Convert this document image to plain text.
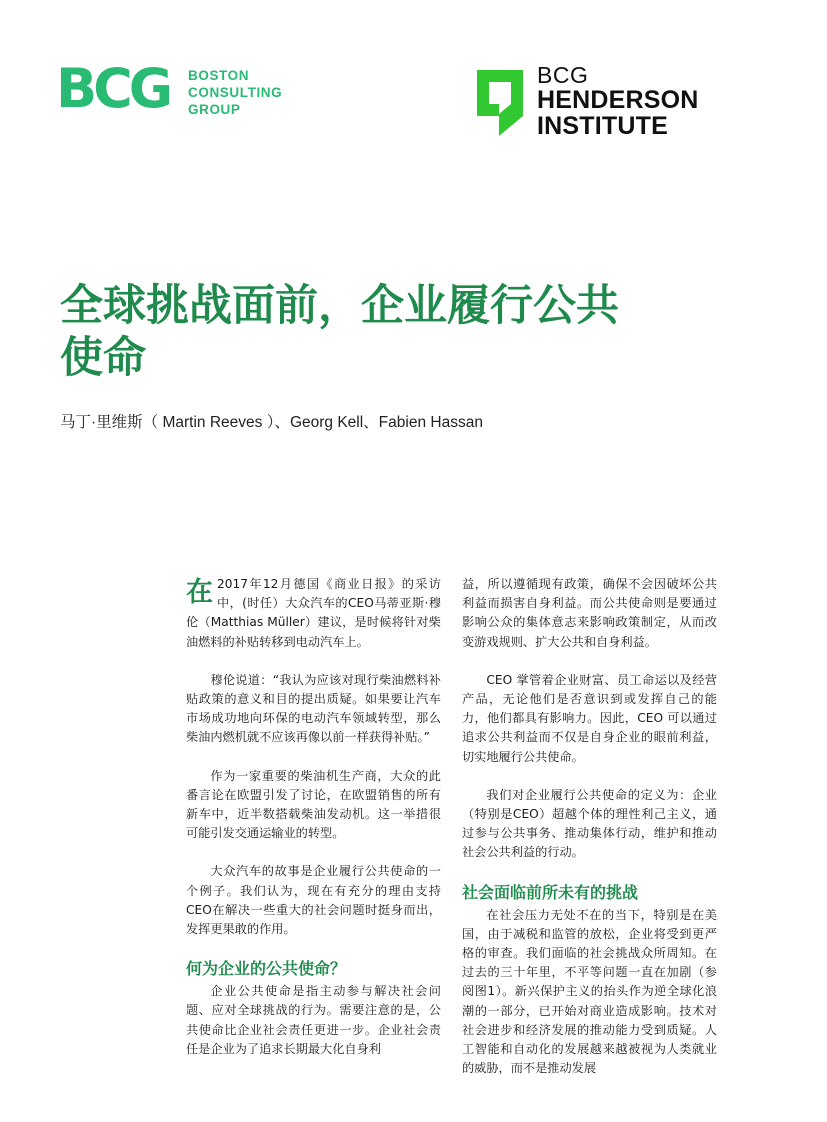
BCG BOSTON
CONSULTING
GROUP
BCG
HENDERSON
INSTITUTE
全球挑战面前，企业履行公共
使命
马丁·里维斯（ Martin Reeves ）、Georg Kell、Fabien Hassan

在 2017年12月德国《商业日报》的采访中，(时任）大众汽车的CEO马蒂亚斯·穆伦（Matthias Müller）建议，是时候将针对柴油燃料的补贴转移到电动汽车上。

穆伦说道：“我认为应该对现行柴油燃料补贴政策的意义和目的提出质疑。如果要让汽车市场成功地向环保的电动汽车领域转型，那么柴油内燃机就不应该再像以前一样获得补贴。”

作为一家重要的柴油机生产商，大众的此番言论在欧盟引发了讨论，在欧盟销售的所有新车中，近半数搭载柴油发动机。这一举措很可能引发交通运输业的转型。

大众汽车的故事是企业履行公共使命的一个例子。我们认为，现在有充分的理由支持CEO在解决一些重大的社会问题时挺身而出，发挥更果敢的作用。

何为企业的公共使命？

企业公共使命是指主动参与解决社会问题、应对全球挑战的行为。需要注意的是，公共使命比企业社会责任更进一步。企业社会责任是企业为了追求长期最大化自身利

益，所以遵循现有政策，确保不会因破坏公共利益而损害自身利益。而公共使命则是要通过影响公众的集体意志来影响政策制定，从而改变游戏规则、扩大公共和自身利益。

CEO 掌管着企业财富、员工命运以及经营产品，无论他们是否意识到或发挥自己的能力，他们都具有影响力。因此，CEO 可以通过追求公共利益而不仅是自身企业的眼前利益，切实地履行公共使命。

我们对企业履行公共使命的定义为：企业（特别是CEO）超越个体的理性利己主义，通过参与公共事务、推动集体行动，维护和推动社会公共利益的行动。

社会面临前所未有的挑战

在社会压力无处不在的当下，特别是在美国，由于减税和监管的放松，企业将受到更严格的审查。我们面临的社会挑战众所周知。在过去的三十年里，不平等问题一直在加剧（参阅图1）。新兴保护主义的抬头作为逆全球化浪潮的一部分，已开始对商业造成影响。技术对社会进步和经济发展的推动能力受到质疑。人工智能和自动化的发展越来越被视为人类就业的威胁，而不是推动发展
